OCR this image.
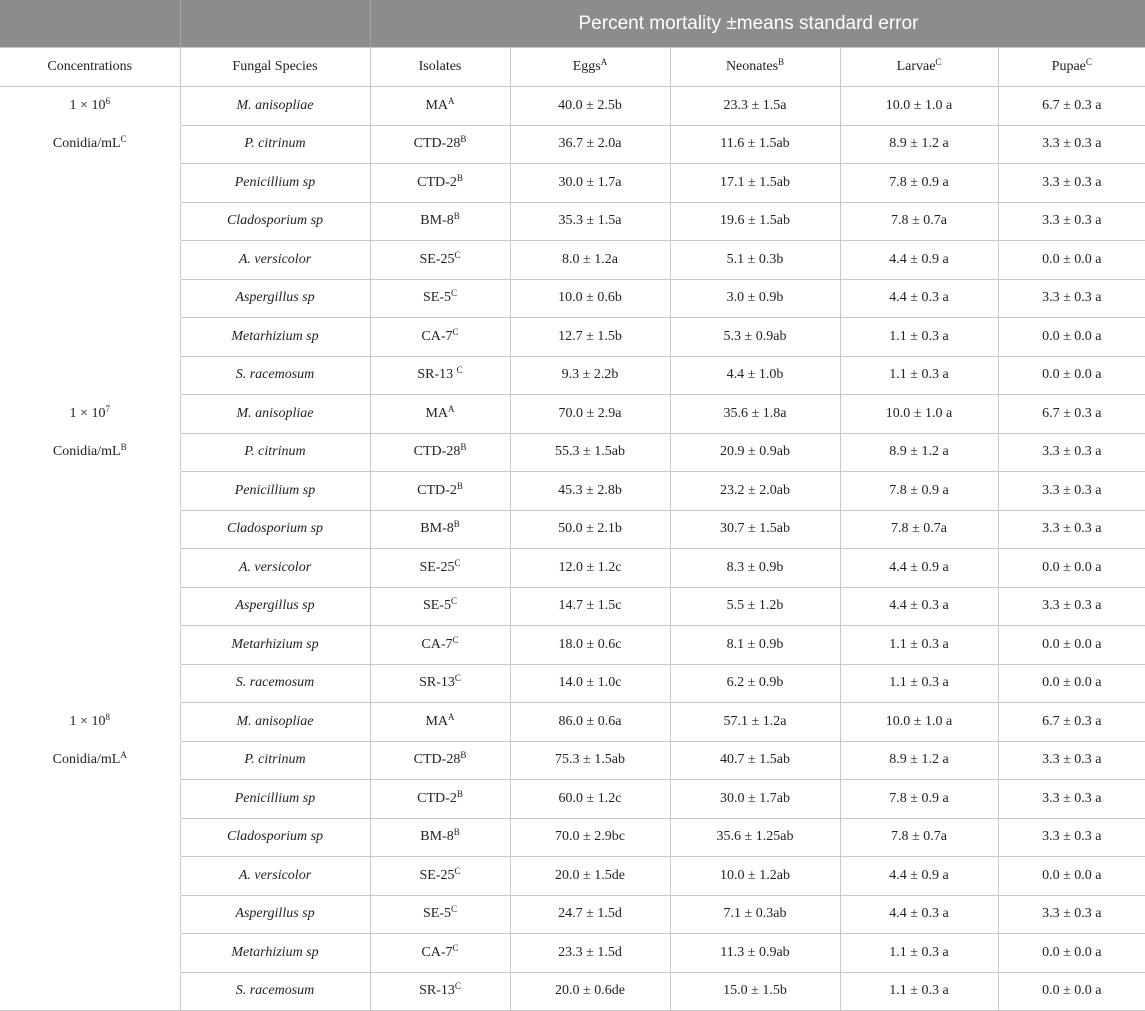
		Percent mortality ±means standard error				
Concentrations	Fungal Species	Isolates	Eggs$^A$	Neonates$^B$	Larvae$^C$	Pupae$^C$
$1 \times 10^6$	M. anisopliae	$MA^A$	40.0 ± 2.5b	23.3 ± 1.5a	10.0 ± 1.0 a	6.7 ± 0.3 a
Conidia/$mL^C$	P. citrinum	CTD-$28^B$	36.7 ± 2.0a	11.6 ± 1.5ab	8.9 ± 1.2 a	3.3 ± 0.3 a
	Penicillium sp	CTD-$2^B$	30.0 ± 1.7a	17.1 ± 1.5ab	7.8 ± 0.9 a	3.3 ± 0.3 a
	Cladosporium sp	$BM-8^B$	35.3 ± 1.5a	19.6 ± 1.5ab	7.8 ± 0.7a	3.3 ± 0.3 a
	A. versicolor	$SE-25^C$	8.0 ± 1.2a	5.1 ± 0.3b	4.4 ± 0.9 a	0.0 ± 0.0 a
	Aspergillus sp	$SE-5^C$	10.0 ± 0.6b	3.0 ± 0.9b	4.4 ± 0.3 a	3.3 ± 0.3 a
	Metarhizium sp	$CA-7^C$	12.7 ± 1.5b	5.3 ± 0.9ab	1.1 ± 0.3 a	0.0 ± 0.0 a
	S. racemosum	SR-13 $^C$	9.3 ± 2.2b	4.4 ± 1.0b	1.1 ± 0.3 a	0.0 ± 0.0 a
$1 \times 10^7$	M. anisopliae	$MA^A$	70.0 ± 2.9a	35.6 ± 1.8a	10.0 ± 1.0 a	6.7 ± 0.3 a
Conidia/$mL^B$	P. citrinum	CTD-$28^B$	55.3 ± 1.5ab	20.9 ± 0.9ab	8.9 ± 1.2 a	3.3 ± 0.3 a
	Penicillium sp	CTD-$2^B$	45.3 ± 2.8b	23.2 ± 2.0ab	7.8 ± 0.9 a	3.3 ± 0.3 a
	Cladosporium sp	$BM-8^B$	50.0 ± 2.1b	30.7 ± 1.5ab	7.8 ± 0.7a	3.3 ± 0.3 a
	A. versicolor	$SE-25^C$	12.0 ± 1.2c	8.3 ± 0.9b	4.4 ± 0.9 a	0.0 ± 0.0 a
	Aspergillus sp	$SE-5^C$	14.7 ± 1.5c	5.5 ± 1.2b	4.4 ± 0.3 a	3.3 ± 0.3 a
	Metarhizium sp	$CA-7^C$	18.0 ± 0.6c	8.1 ± 0.9b	1.1 ± 0.3 a	0.0 ± 0.0 a
	S. racemosum	$SR-13^C$	14.0 ± 1.0c	6.2 ± 0.9b	1.1 ± 0.3 a	0.0 ± 0.0 a
$1 \times 10^8$	M. anisopliae	$MA^A$	86.0 ± 0.6a	57.1 ± 1.2a	10.0 ± 1.0 a	6.7 ± 0.3 a
Conidia/$mL^A$	P. citrinum	CTD-$28^B$	75.3 ± 1.5ab	40.7 ± 1.5ab	8.9 ± 1.2 a	3.3 ± 0.3 a
	Penicillium sp	CTD-$2^B$	60.0 ± 1.2c	30.0 ± 1.7ab	7.8 ± 0.9 a	3.3 ± 0.3 a
	Cladosporium sp	$BM-8^B$	70.0 ± 2.9bc	35.6 ± 1.25ab	7.8 ± 0.7a	3.3 ± 0.3 a
	A. versicolor	$SE-25^C$	20.0 ± 1.5de	10.0 ± 1.2ab	4.4 ± 0.9 a	0.0 ± 0.0 a
	Aspergillus sp	$SE-5^C$	24.7 ± 1.5d	7.1 ± 0.3ab	4.4 ± 0.3 a	3.3 ± 0.3 a
	Metarhizium sp	$CA-7^C$	23.3 ± 1.5d	11.3 ± 0.9ab	1.1 ± 0.3 a	0.0 ± 0.0 a
	S. racemosum	$SR-13^C$	20.0 ± 0.6de	15.0 ± 1.5b	1.1 ± 0.3 a	0.0 ± 0.0 a
